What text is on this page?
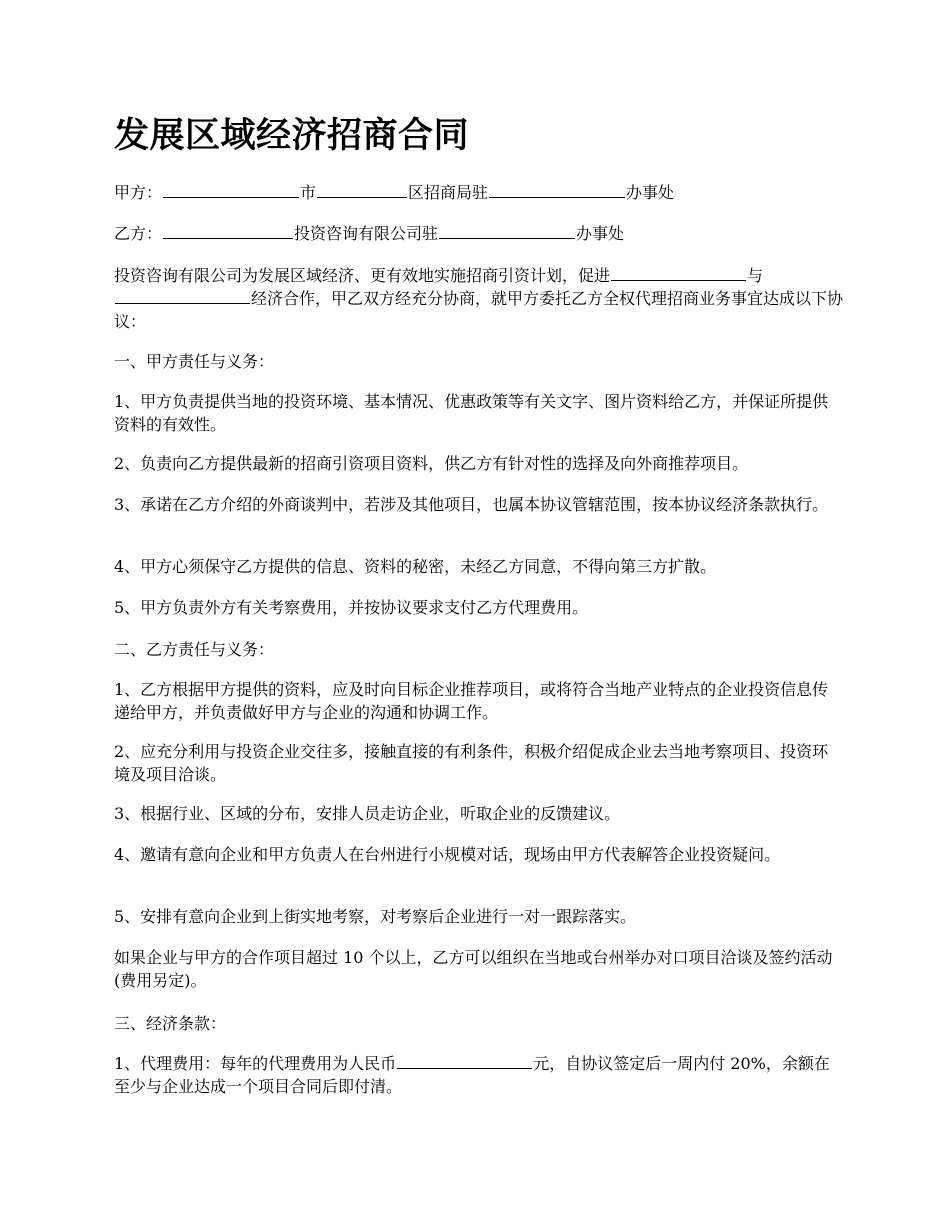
发展区域经济招商合同
甲方：	市	区招商局驻	办事处
乙方：	投资咨询有限公司驻	办事处
投资咨询有限公司为发展区域经济、更有效地实施招商引资计划，促进	与经济合作，甲乙双方经充分协商，就甲方委托乙方全权代理招商业务事宜达成以下协议：
一、甲方责任与义务：
1、甲方负责提供当地的投资环境、基本情况、优惠政策等有关文字、图片资料给乙方，并保证所提供资料的有效性。
2、负责向乙方提供最新的招商引资项目资料，供乙方有针对性的选择及向外商推荐项目。
3、承诺在乙方介绍的外商谈判中，若涉及其他项目，也属本协议管辖范围，按本协议经济条款执行。
4、甲方心须保守乙方提供的信息、资料的秘密，未经乙方同意，不得向第三方扩散。
5、甲方负责外方有关考察费用，并按协议要求支付乙方代理费用。
二、乙方责任与义务：
1、乙方根据甲方提供的资料，应及时向目标企业推荐项目，或将符合当地产业特点的企业投资信息传递给甲方，并负责做好甲方与企业的沟通和协调工作。
2、应充分利用与投资企业交往多，接触直接的有利条件，积极介绍促成企业去当地考察项目、投资环境及项目洽谈。
3、根据行业、区域的分布，安排人员走访企业，听取企业的反馈建议。
4、邀请有意向企业和甲方负责人在台州进行小规模对话，现场由甲方代表解答企业投资疑问。
5、安排有意向企业到上街实地考察，对考察后企业进行一对一跟踪落实。
如果企业与甲方的合作项目超过 10 个以上，乙方可以组织在当地或台州举办对口项目洽谈及签约活动(费用另定)。
三、经济条款：
1、代理费用：每年的代理费用为人民币	元，自协议签定后一周内付 20%，余额在至少与企业达成一个项目合同后即付清。
